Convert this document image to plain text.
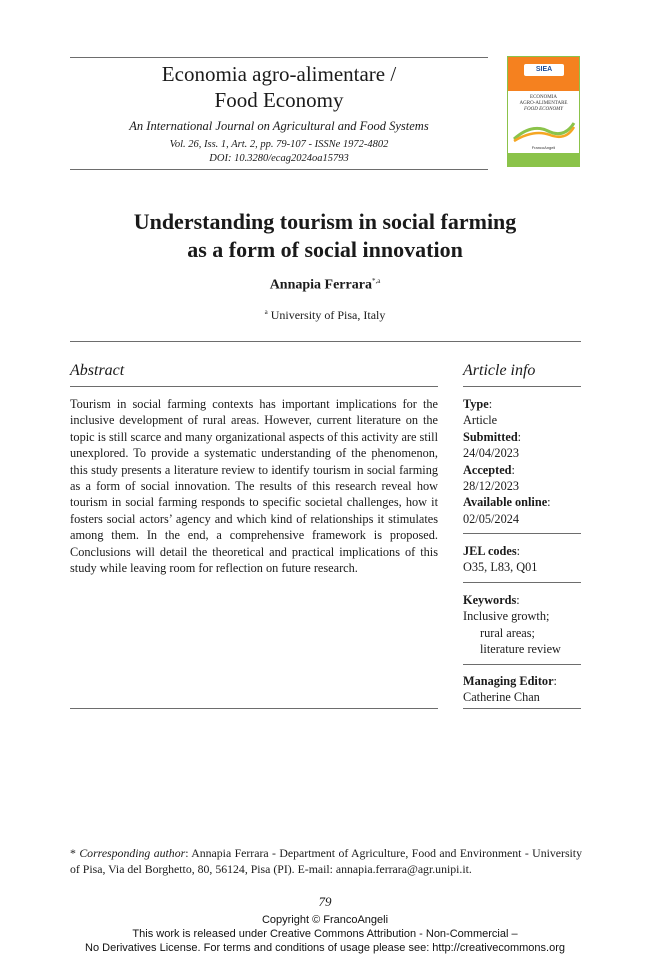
Economia agro-alimentare /
Food Economy
An International Journal on Agricultural and Food Systems
Vol. 26, Iss. 1, Art. 2, pp. 79-107 - ISSNe 1972-4802
DOI: 10.3280/ecag2024oa15793
SIEA
ECONOMIA
AGRO-ALIMENTARE
FOOD ECONOMY
FrancoAngeli
Understanding tourism in social farming
as a form of social innovation
Annapia Ferrara$^{*,a}$
$^a$ University of Pisa, Italy
Abstract
Tourism in social farming contexts has important implications for the inclusive development of rural areas. However, current literature on the topic is still scarce and many organizational aspects of this activity are still unexplored. To provide a systematic understanding of the phenomenon, this study presents a literature review to identify tourism in social farming as a form of social innovation. The results of this research reveal how tourism in social farming responds to specific societal challenges, how it fosters social actors’ agency and which kind of relationships it stimulates among them. In the end, a comprehensive framework is proposed. Conclusions will detail the theoretical and practical implications of this study while leaving room for reflection on future research.
Article info
Type:
Article
Submitted:
24/04/2023
Accepted:
28/12/2023
Available online:
02/05/2024
JEL codes:
O35, L83, Q01
Keywords:
Inclusive growth;
rural areas;
literature review
Managing Editor:
Catherine Chan
* Corresponding author: Annapia Ferrara - Department of Agriculture, Food and Environment - University of Pisa, Via del Borghetto, 80, 56124, Pisa (PI). E-mail: annapia.ferrara@agr.unipi.it.
79
Copyright © FrancoAngeli
This work is released under Creative Commons Attribution - Non-Commercial –
No Derivatives License. For terms and conditions of usage please see: http://creativecommons.org
